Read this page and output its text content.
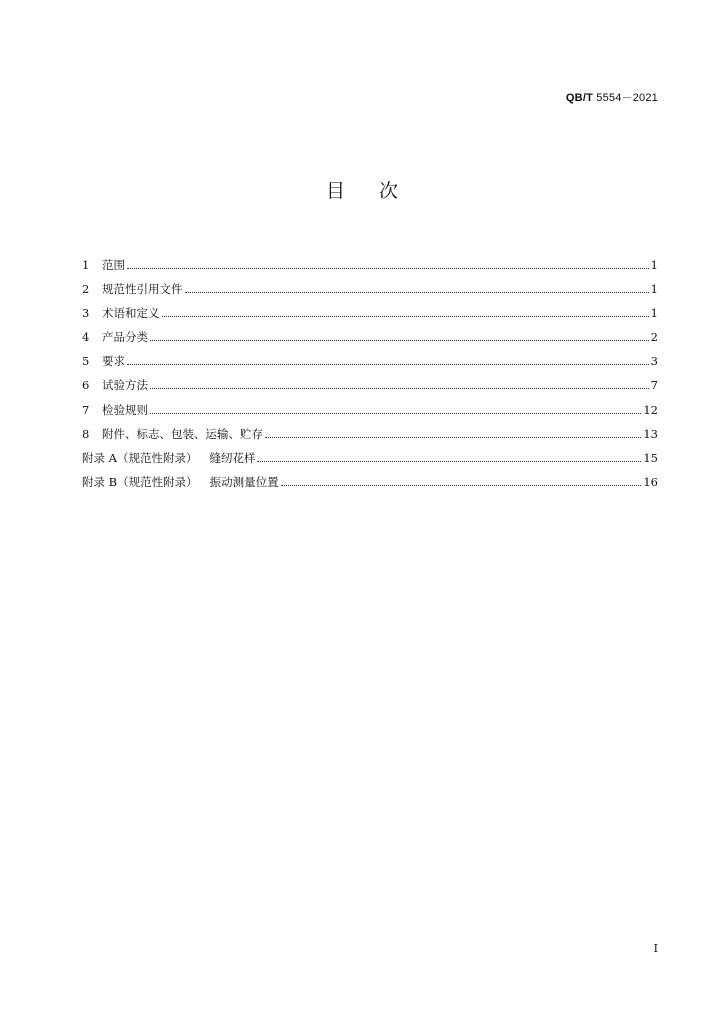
QB/T 5554－2021
目次
1	范围	1
2	规范性引用文件	1
3	术语和定义	1
4	产品分类	2
5	要求	3
6	试验方法	7
7	检验规则	12
8	附件、标志、包装、运输、贮存	13
附录 A（规范性附录） 缝纫花样	15
附录 B（规范性附录） 振动测量位置	16
I
